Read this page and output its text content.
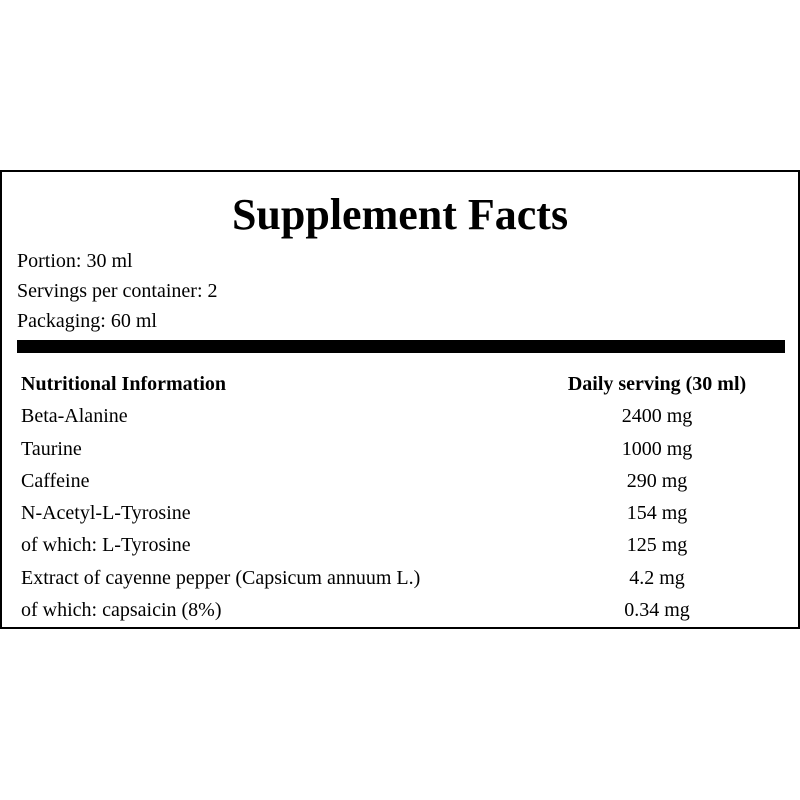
Supplement Facts
Portion: 30 ml
Servings per container: 2
Packaging: 60 ml
Nutritional Information	Daily serving (30 ml)
Beta-Alanine	2400 mg
Taurine	1000 mg
Caffeine	290 mg
N-Acetyl-L-Tyrosine	154 mg
of which: L-Tyrosine	125 mg
Extract of cayenne pepper (Capsicum annuum L.)	4.2 mg
of which: capsaicin (8%)	0.34 mg
